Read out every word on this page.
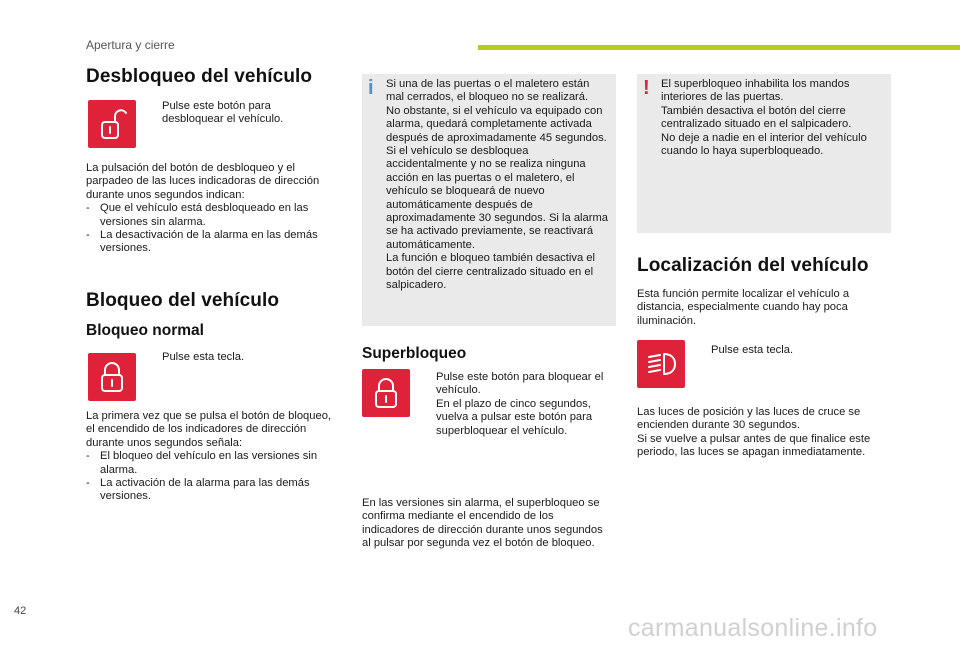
Apertura y cierre
Desbloqueo del vehículo
Pulse este botón para desbloquear el vehículo.

La pulsación del botón de desbloqueo y el parpadeo de las luces indicadoras de dirección durante unos segundos indican:

- Que el vehículo está desbloqueado en las versiones sin alarma.
- La desactivación de la alarma en las demás versiones.
Bloqueo del vehículo
Bloqueo normal
Pulse esta tecla.

La primera vez que se pulsa el botón de bloqueo, el encendido de los indicadores de dirección durante unos segundos señala:

- El bloqueo del vehículo en las versiones sin alarma.
- La activación de la alarma para las demás versiones.
i Si una de las puertas o el maletero están mal cerrados, el bloqueo no se realizará.

No obstante, si el vehículo va equipado con alarma, quedará completamente activada después de aproximadamente 45 segundos.

Si el vehículo se desbloquea accidentalmente y no se realiza ninguna acción en las puertas o el maletero, el vehículo se bloqueará de nuevo automáticamente después de aproximadamente 30 segundos. Si la alarma se ha activado previamente, se reactivará automáticamente.

La función e bloqueo también desactiva el botón del cierre centralizado situado en el salpicadero.

Superbloqueo
Pulse este botón para bloquear el vehículo.
En el plazo de cinco segundos, vuelva a pulsar este botón para superbloquear el vehículo.

En las versiones sin alarma, el superbloqueo se confirma mediante el encendido de los indicadores de dirección durante unos segundos al pulsar por segunda vez el botón de bloqueo.

! El superbloqueo inhabilita los mandos interiores de las puertas.

También desactiva el botón del cierre centralizado situado en el salpicadero.

No deje a nadie en el interior del vehículo cuando lo haya superbloqueado.

Localización del vehículo

Esta función permite localizar el vehículo a distancia, especialmente cuando hay poca iluminación.

Pulse esta tecla.

Las luces de posición y las luces de cruce se encienden durante 30 segundos.

Si se vuelve a pulsar antes de que finalice este periodo, las luces se apagan inmediatamente.

42
carmanualsonline.info
